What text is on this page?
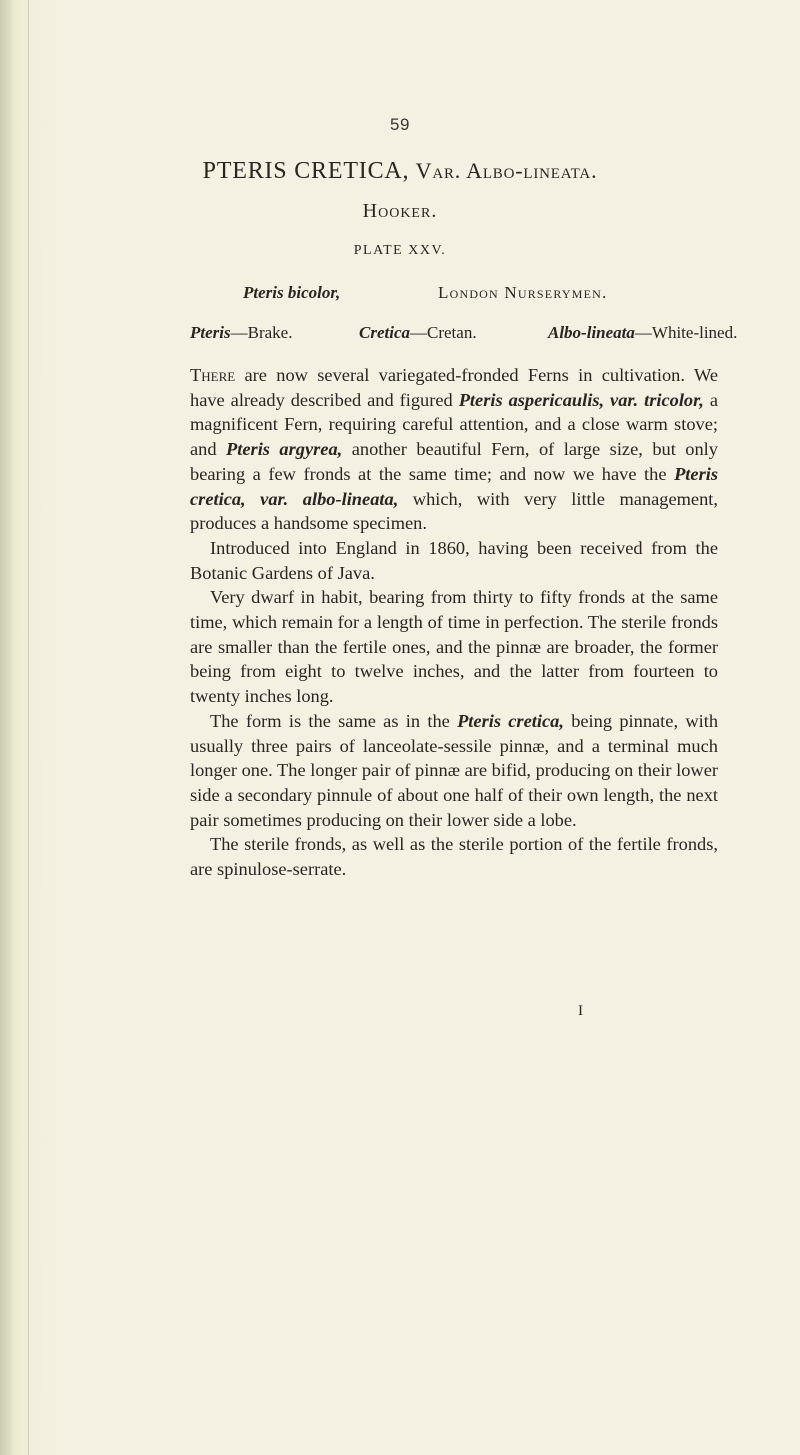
59
PTERIS CRETICA, Var. Albo-lineata.
Hooker.
PLATE XXV.
Pteris bicolor,	London Nurserymen.
Pteris—Brake.	Cretica—Cretan.	Albo-lineata—White-lined.

There are now several variegated-fronded Ferns in cultivation. We have already described and figured Pteris aspericaulis, var. tricolor, a magnificent Fern, requiring careful attention, and a close warm stove; and Pteris argyrea, another beautiful Fern, of large size, but only bearing a few fronds at the same time; and now we have the Pteris cretica, var. albo-lineata, which, with very little management, produces a handsome specimen.

Introduced into England in 1860, having been received from the Botanic Gardens of Java.

Very dwarf in habit, bearing from thirty to fifty fronds at the same time, which remain for a length of time in perfection. The sterile fronds are smaller than the fertile ones, and the pinnæ are broader, the former being from eight to twelve inches, and the latter from fourteen to twenty inches long.

The form is the same as in the Pteris cretica, being pinnate, with usually three pairs of lanceolate-sessile pinnæ, and a terminal much longer one. The longer pair of pinnæ are bifid, producing on their lower side a secondary pinnule of about one half of their own length, the next pair sometimes producing on their lower side a lobe.

The sterile fronds, as well as the sterile portion of the fertile fronds, are spinulose-serrate.

I
